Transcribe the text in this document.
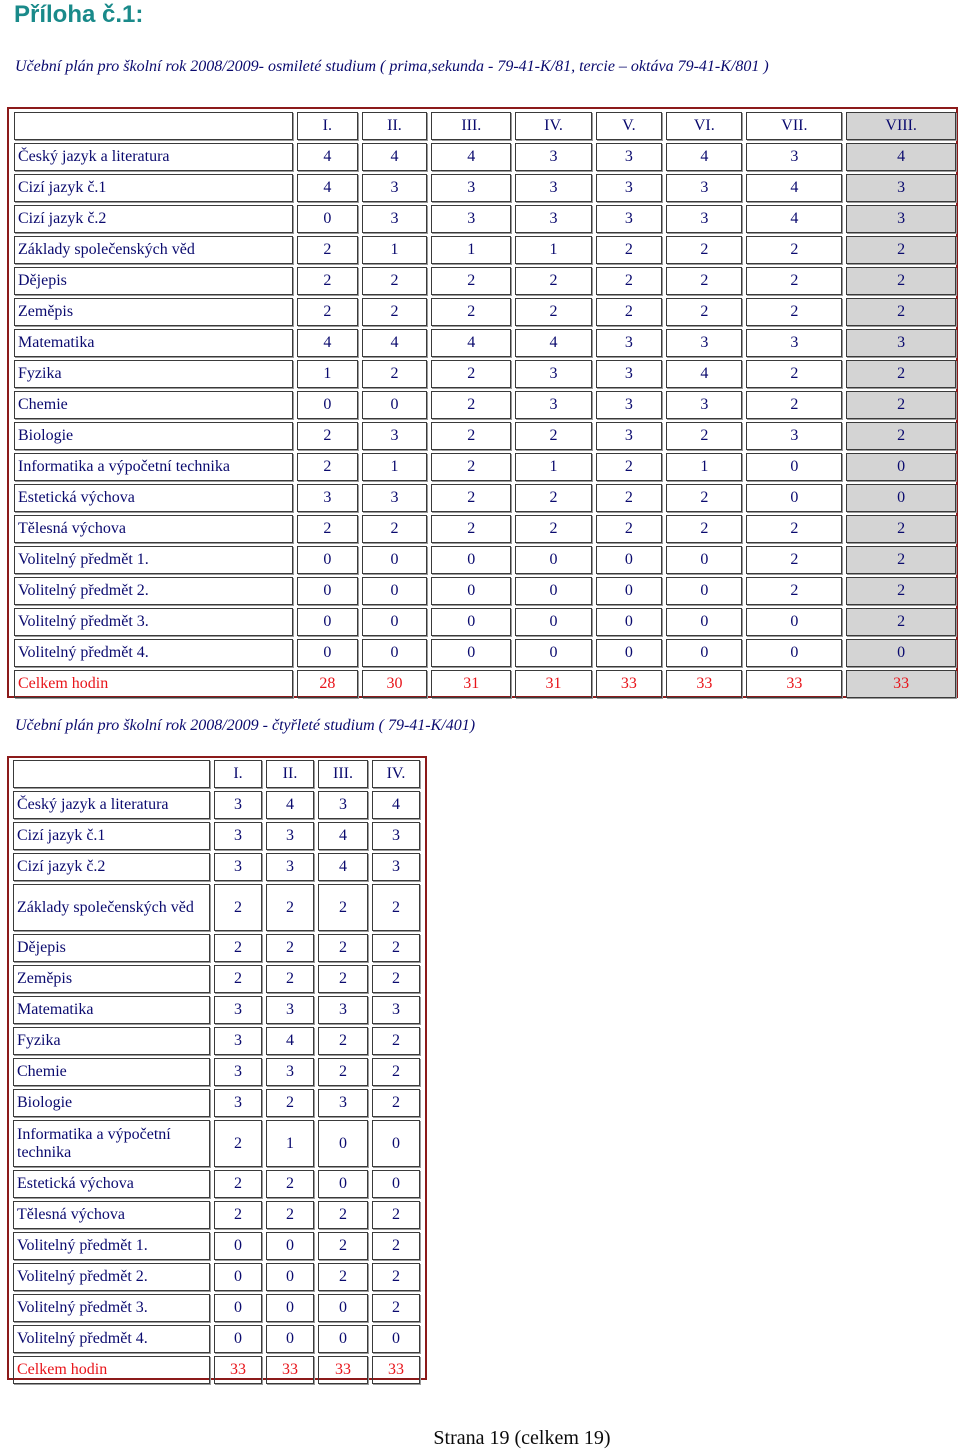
Příloha č.1:
Učební plán pro školní rok 2008/2009- osmileté studium ( prima,sekunda - 79-41-K/81, tercie – oktáva 79-41-K/801 )
	I.	II.	III.	IV.	V.	VI.	VII.	VIII.
Český jazyk a literatura	4	4	4	3	3	4	3	4
Cizí jazyk č.1	4	3	3	3	3	3	4	3
Cizí jazyk č.2	0	3	3	3	3	3	4	3
Základy společenských věd	2	1	1	1	2	2	2	2
Dějepis	2	2	2	2	2	2	2	2
Zeměpis	2	2	2	2	2	2	2	2
Matematika	4	4	4	4	3	3	3	3
Fyzika	1	2	2	3	3	4	2	2
Chemie	0	0	2	3	3	3	2	2
Biologie	2	3	2	2	3	2	3	2
Informatika a výpočetní technika	2	1	2	1	2	1	0	0
Estetická výchova	3	3	2	2	2	2	0	0
Tělesná výchova	2	2	2	2	2	2	2	2
Volitelný předmět 1.	0	0	0	0	0	0	2	2
Volitelný předmět 2.	0	0	0	0	0	0	2	2
Volitelný předmět 3.	0	0	0	0	0	0	0	2
Volitelný předmět 4.	0	0	0	0	0	0	0	0
Celkem hodin	28	30	31	31	33	33	33	33
Učební plán pro školní rok 2008/2009 - čtyřleté studium ( 79-41-K/401)
	I.	II.	III.	IV.
Český jazyk a literatura	3	4	3	4
Cizí jazyk č.1	3	3	4	3
Cizí jazyk č.2	3	3	4	3
Základy společenských věd	2	2	2	2
Dějepis	2	2	2	2
Zeměpis	2	2	2	2
Matematika	3	3	3	3
Fyzika	3	4	2	2
Chemie	3	3	2	2
Biologie	3	2	3	2
Informatika a výpočetní technika	2	1	0	0
Estetická výchova	2	2	0	0
Tělesná výchova	2	2	2	2
Volitelný předmět 1.	0	0	2	2
Volitelný předmět 2.	0	0	2	2
Volitelný předmět 3.	0	0	0	2
Volitelný předmět 4.	0	0	0	0
Celkem hodin	33	33	33	33
Strana 19 (celkem 19)
